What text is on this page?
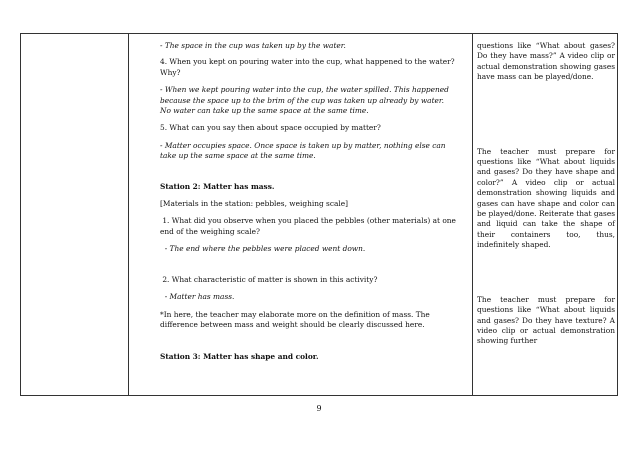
- The space in the cup was taken up by the water.

4. When you kept on pouring water into the cup, what happened to the water? Why?

- When we kept pouring water into the cup, the water spilled. This happened because the space up to the brim of the cup was taken up already by water. No water can take up the same space at the same time.

5. What can you say then about space occupied by matter?

- Matter occupies space. Once space is taken up by matter, nothing else can take up the same space at the same time.

Station 2: Matter has mass.

[Materials in the station: pebbles, weighing scale]

1. What did you observe when you placed the pebbles (other materials) at one end of the weighing scale?

- The end where the pebbles were placed went down.

2. What characteristic of matter is shown in this activity?

- Matter has mass.

*In here, the teacher may elaborate more on the definition of mass. The difference between mass and weight should be clearly discussed here.

Station 3: Matter has shape and color.

questions like “What about gases? Do they have mass?” A video clip or actual demonstration showing gases have mass can be played/done.

The teacher must prepare for questions like “What about liquids and gases? Do they have shape and color?” A video clip or actual demonstration showing liquids and gases can have shape and color can be played/done. Reiterate that gases and liquid can take the shape of their containers too, thus, indefinitely shaped.

The teacher must prepare for questions like “What about liquids and gases? Do they have texture? A video clip or actual demonstration showing further

9
